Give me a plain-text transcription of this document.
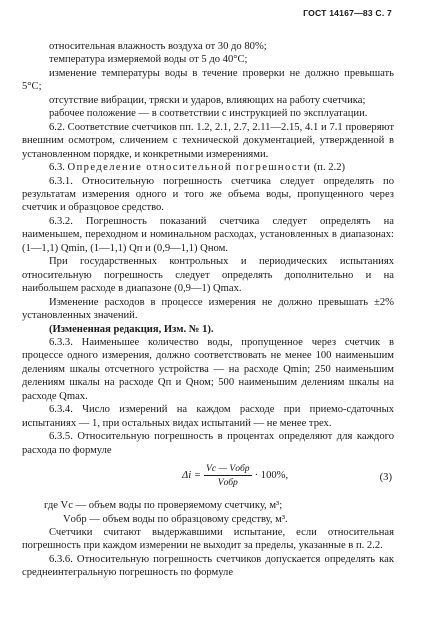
ГОСТ 14167—83 С. 7

относительная влажность воздуха от 30 до 80%;

температура измеряемой воды от 5 до 40°С;

изменение температуры воды в течение проверки не должно превышать 5°С;

отсутствие вибрации, тряски и ударов, влияющих на работу счетчика;

рабочее положение — в соответствии с инструкцией по эксплуатации.

6.2. Соответствие счетчиков пп. 1.2, 2.1, 2.7, 2.11—2.15, 4.1 и 7.1 проверяют внешним осмотром, сличением с технической документацией, утвержденной в установленном порядке, и конкретными измерениями.

6.3. Определение относительной погрешности (п. 2.2)

6.3.1. Относительную погрешность счетчика следует определять по результатам измерения одного и того же объема воды, пропущенного через счетчик и образцовое средство.

6.3.2. Погрешность показаний счетчика следует определять на наименьшем, переходном и номинальном расходах, установленных в диапазонах: (1—1,1) Qmin, (1—1,1) Qп и (0,9—1,1) Qном.

При государственных контрольных и периодических испытаниях относительную погрешность следует определять дополнительно и на наибольшем расходе в диапазоне (0,9—1) Qmax.

Изменение расходов в процессе измерения не должно превышать ±2% установленных значений.

(Измененная редакция, Изм. № 1).

6.3.3. Наименьшее количество воды, пропущенное через счетчик в процессе одного измерения, должно соответствовать не менее 100 наименьшим делениям шкалы отсчетного устройства — на расходе Qmin; 250 наименьшим делениям шкалы на расходе Qп и Qном; 500 наименьшим делениям шкалы на расходе Qmax.

6.3.4. Число измерений на каждом расходе при приемо-сдаточных испытаниях — 1, при остальных видах испытаний — не менее трех.

6.3.5. Относительную погрешность в процентах определяют для каждого расхода по формуле

$\Delta i = \frac{\text{Vc — Vобр}}{\text{Vобр}} \cdot 100\%$,	(3)

где Vc — объем воды по проверяемому счетчику, м³;

Vобр — объем воды по образцовому средству, м³.

Счетчики считают выдержавшими испытание, если относительная погрешность при каждом измерении не выходит за пределы, указанные в п. 2.2.

6.3.6. Относительную погрешность счетчиков допускается определять как среднеинтегральную погрешность по формуле
